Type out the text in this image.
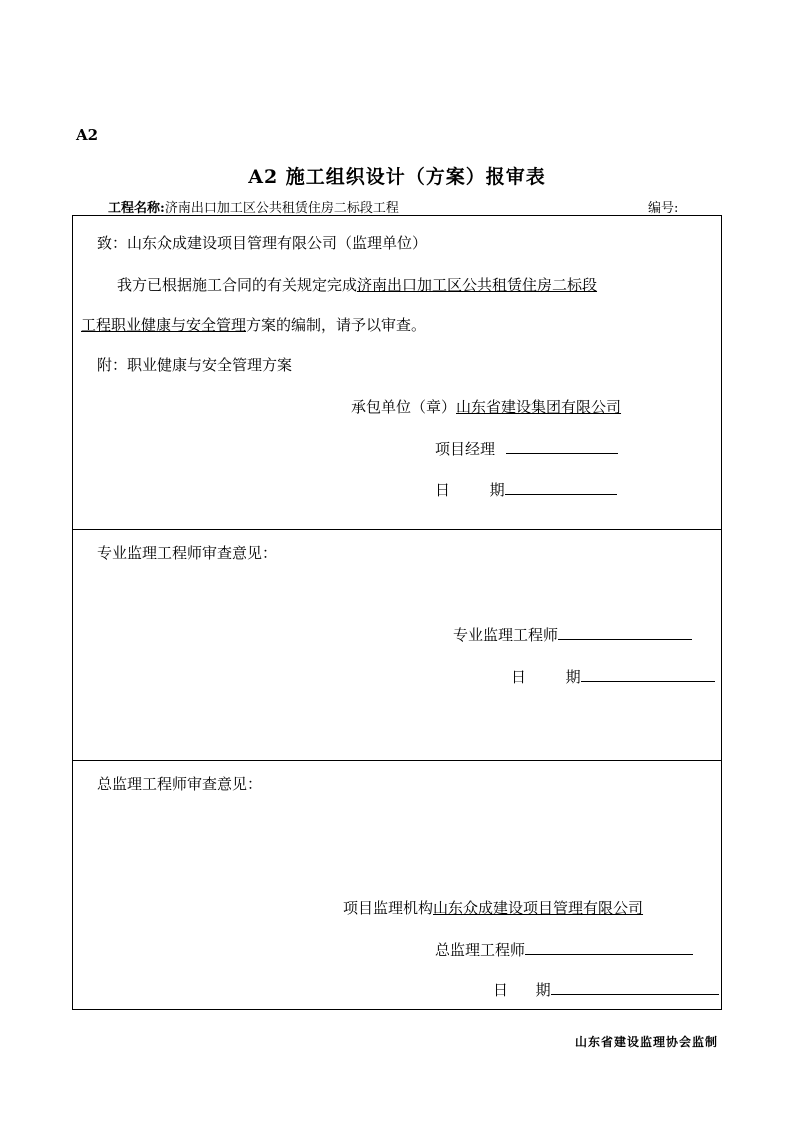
A2
A2 施工组织设计（方案）报审表
工程名称:济南出口加工区公共租赁住房二标段工程	编号:
致：山东众成建设项目管理有限公司（监理单位）
我方已根据施工合同的有关规定完成济南出口加工区公共租赁住房二标段
工程职业健康与安全管理方案的编制，请予以审查。
附：职业健康与安全管理方案
承包单位（章）山东省建设集团有限公司
项目经理
日	期
专业监理工程师审查意见：
专业监理工程师
日	期
总监理工程师审查意见：
项目监理机构山东众成建设项目管理有限公司
总监理工程师
日 期
山东省建设监理协会监制
